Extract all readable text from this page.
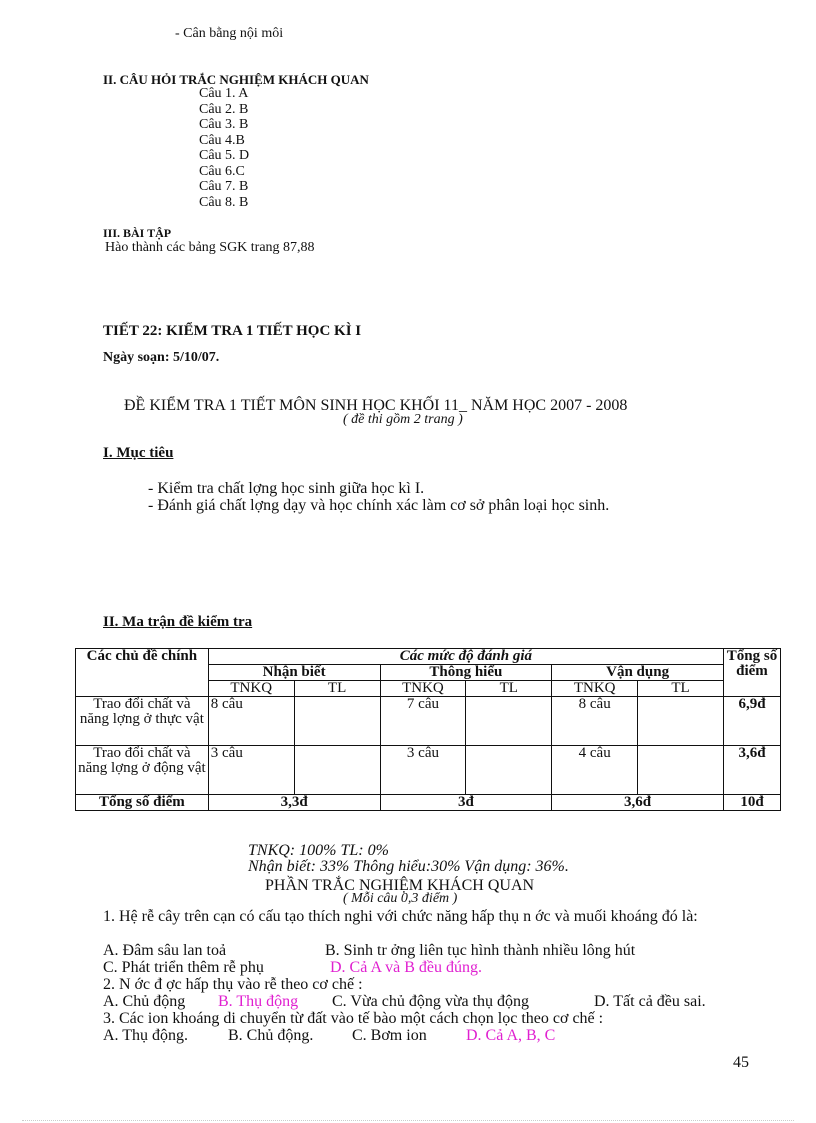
- Cân bằng nội môi
II. CÂU HỎI TRẮC NGHIỆM KHÁCH QUAN
Câu 1. A
Câu 2. B
Câu 3. B
Câu 4.B
Câu 5. D
Câu 6.C
Câu 7. B
Câu 8. B
III. BÀI TẬP
Hào thành các bảng SGK trang 87,88
TIẾT 22: KIỂM TRA 1 TIẾT HỌC KÌ I
Ngày soạn: 5/10/07.
ĐỀ KIỂM TRA 1 TIẾT MÔN SINH HỌC KHỐI 11_ NĂM HỌC 2007 - 2008
( đề thi gồm 2 trang )
I. Mục tiêu
- Kiểm tra chất lợng học sinh giữa học kì I.
- Đánh giá chất lợng dạy và học chính xác làm cơ sở phân loại học sinh.
II. Ma trận đề kiểm tra
Các chủ đề chính	Các mức độ đánh giá						Tổng số điểm
	Nhận biết		Thông hiểu		Vận dụng		
	TNKQ	TL	TNKQ	TL	TNKQ	TL	
Trao đổi chất và năng lợng ở thực vật	8 câu		7 câu		8 câu		6,9đ
Trao đổi chất và năng lợng ở động vật	3 câu		3 câu		4 câu		3,6đ
Tổng số điểm	3,3đ		3đ		3,6đ		10đ
TNKQ: 100% TL: 0%
Nhận biết: 33% Thông hiểu:30% Vận dụng: 36%.
PHẦN TRẮC NGHIỆM KHÁCH QUAN
( Mỗi câu 0,3 điểm )
1. Hệ rễ cây trên cạn có cấu tạo thích nghi với chức năng hấp thụ n ớc và muối khoáng đó là:
A. Đâm sâu lan toả	B. Sinh tr ởng liên tục hình thành nhiều lông hút
C. Phát triển thêm rễ phụ	D. Cả A và B đều đúng.
2. N ớc đ ợc hấp thụ vào rễ theo cơ chế :
A. Chủ động B. Thụ động C. Vừa chủ động vừa thụ động	D. Tất cả đều sai.
3. Các ion khoáng di chuyển từ đất vào tế bào một cách chọn lọc theo cơ chế :
A. Thụ động. B. Chủ động. C. Bơm ion D. Cả A, B, C
45
